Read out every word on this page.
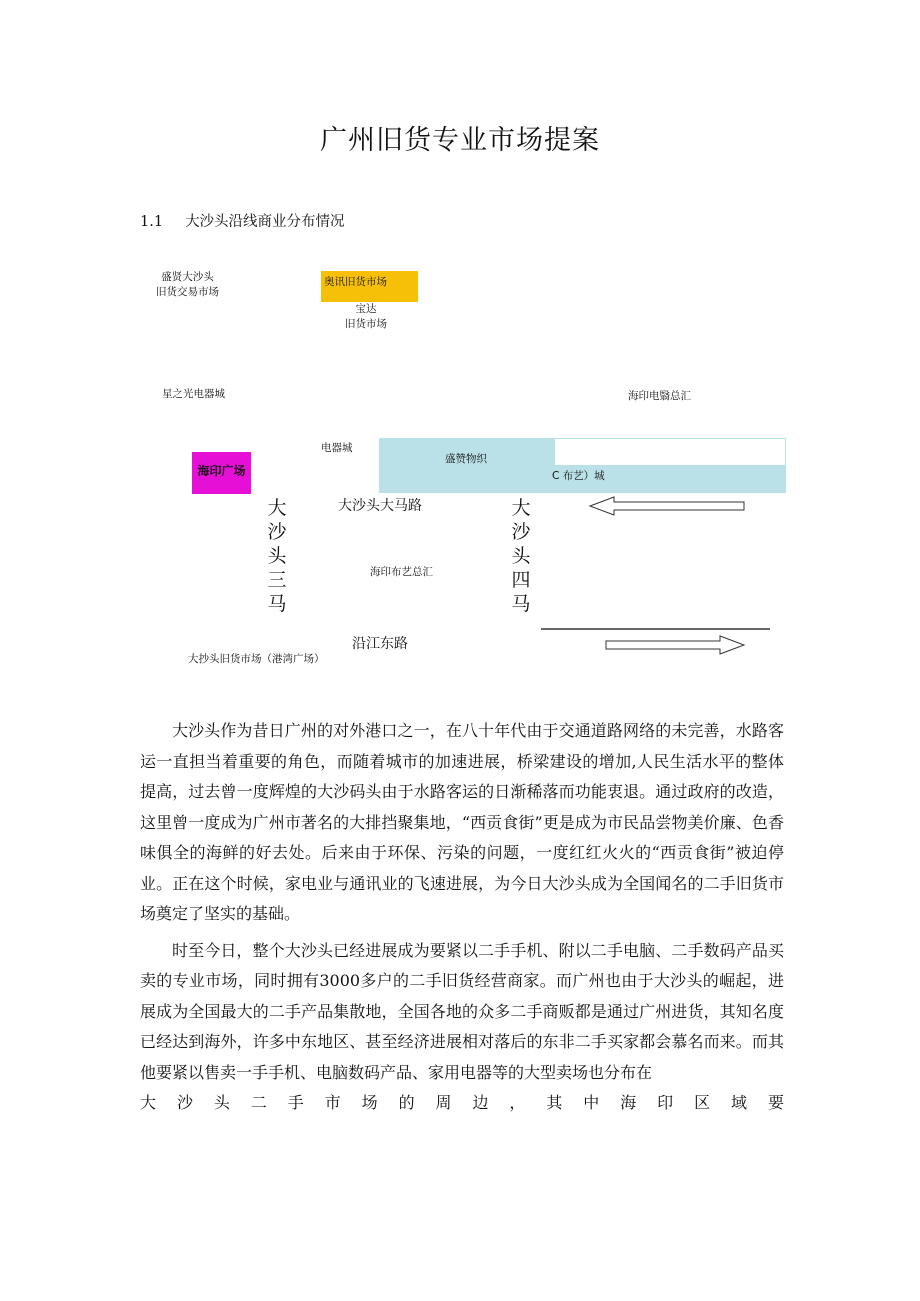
广州旧货专业市场提案
1.1 大沙头沿线商业分布情况
盛贤大沙头
旧货交易市场
奥讯旧货市场
宝达
旧货市场
星之光电器城	海印电翳总汇
电器城
盛赞物织
C 布艺）城
海印广场
大沙头大马路
大沙头三马
大沙头四马
海印布艺总汇
沿江东路
大抄头旧货市场（港湾广场）

大沙头作为昔日广州的对外港口之一，在八十年代由于交通道路网络的未完善，水路客运一直担当着重要的角色，而随着城市的加速进展，桥梁建设的增加,人民生活水平的整体提高，过去曾一度辉煌的大沙码头由于水路客运的日渐稀落而功能衷退。通过政府的改造，这里曾一度成为广州市著名的大排挡聚集地，“西贡食街”更是成为市民品尝物美价廉、色香味俱全的海鲜的好去处。后来由于环保、污染的问题，一度红红火火的“西贡食街”被迫停业。正在这个时候，家电业与通讯业的飞速进展，为今日大沙头成为全国闻名的二手旧货市场奠定了坚实的基础。

时至今日，整个大沙头已经进展成为要紧以二手手机、附以二手电脑、二手数码产品买卖的专业市场，同时拥有3000多户的二手旧货经营商家。而广州也由于大沙头的崛起，进展成为全国最大的二手产品集散地，全国各地的众多二手商贩都是通过广州进货，其知名度已经达到海外，许多中东地区、甚至经济进展相对落后的东非二手买家都会慕名而来。而其他要紧以售卖一手手机、电脑数码产品、家用电器等的大型卖场也分布在

大 沙 头 二 手 市 场 的 周 边 ， 其 中 海 印 区 域 要
